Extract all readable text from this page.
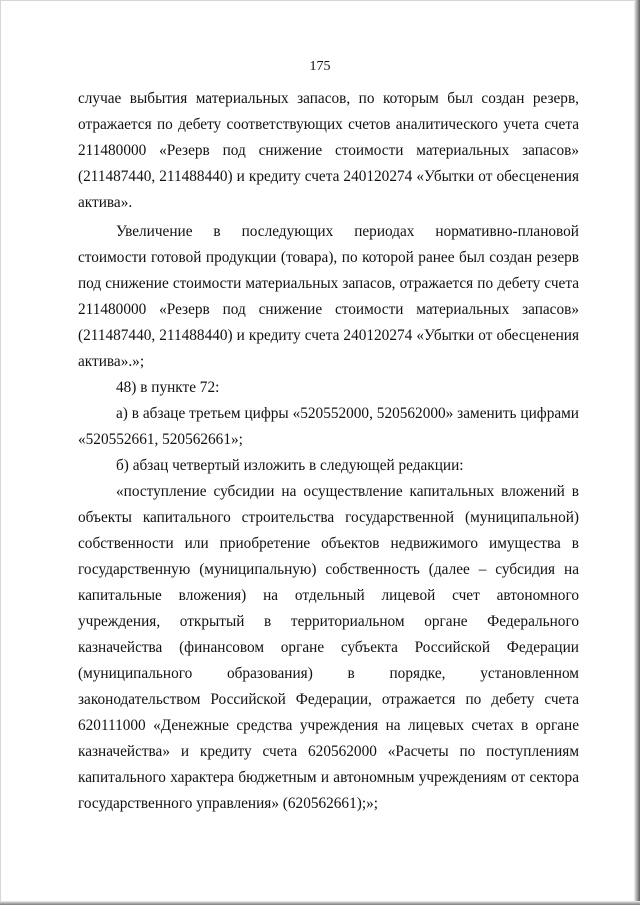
175

случае выбытия материальных запасов, по которым был создан резерв, отражается по дебету соответствующих счетов аналитического учета счета 211480000 «Резерв под снижение стоимости материальных запасов» (211487440, 211488440) и кредиту счета 240120274 «Убытки от обесценения актива».

Увеличение в последующих периодах нормативно-плановой стоимости готовой продукции (товара), по которой ранее был создан резерв под снижение стоимости материальных запасов, отражается по дебету счета 211480000 «Резерв под снижение стоимости материальных запасов» (211487440, 211488440) и кредиту счета 240120274 «Убытки от обесценения актива».»;

48) в пункте 72:

а) в абзаце третьем цифры «520552000, 520562000» заменить цифрами «520552661, 520562661»;

б) абзац четвертый изложить в следующей редакции:

«поступление субсидии на осуществление капитальных вложений в объекты капитального строительства государственной (муниципальной) собственности или приобретение объектов недвижимого имущества в государственную (муниципальную) собственность (далее – субсидия на капитальные вложения) на отдельный лицевой счет автономного учреждения, открытый в территориальном органе Федерального казначейства (финансовом органе субъекта Российской Федерации (муниципального образования) в порядке, установленном законодательством Российской Федерации, отражается по дебету счета 620111000 «Денежные средства учреждения на лицевых счетах в органе казначейства» и кредиту счета 620562000 «Расчеты по поступлениям капитального характера бюджетным и автономным учреждениям от сектора государственного управления» (620562661);»;
